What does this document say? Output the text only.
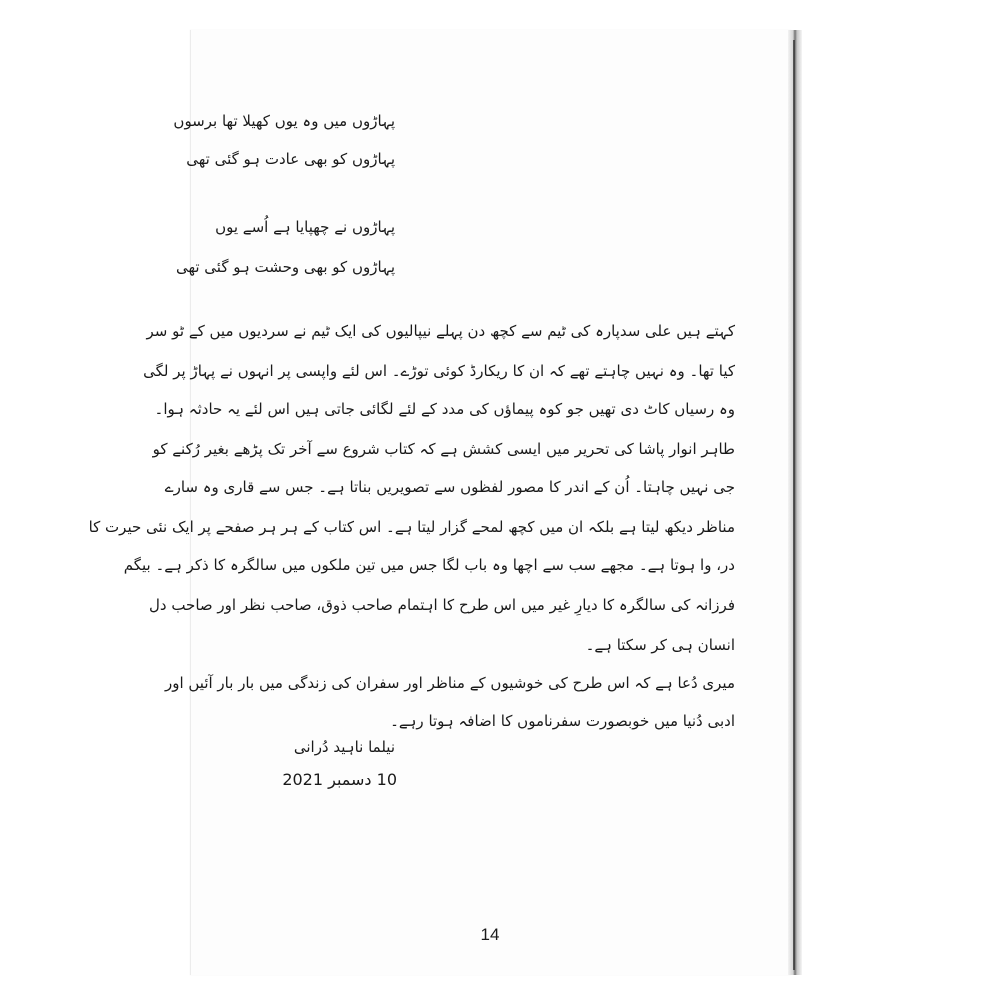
پہاڑوں میں وہ یوں کھیلا تھا برسوں
پہاڑوں کو بھی عادت ہو گئی تھی
پہاڑوں نے چھپایا ہے اُسے یوں
پہاڑوں کو بھی وحشت ہو گئی تھی
کہتے ہیں علی سدپارہ کی ٹیم سے کچھ دن پہلے نیپالیوں کی ایک ٹیم نے سردیوں میں کے ٹو سر
کیا تھا۔ وہ نہیں چاہتے تھے کہ ان کا ریکارڈ کوئی توڑے۔ اس لئے واپسی پر انہوں نے پہاڑ پر لگی
وہ رسیاں کاٹ دی تھیں جو کوہ پیماؤں کی مدد کے لئے لگائی جاتی ہیں اس لئے یہ حادثہ ہوا۔
طاہر انوار پاشا کی تحریر میں ایسی کشش ہے کہ کتاب شروع سے آخر تک پڑھے بغیر رُکنے کو
جی نہیں چاہتا۔ اُن کے اندر کا مصور لفظوں سے تصویریں بناتا ہے۔ جس سے قاری وہ سارے
مناظر دیکھ لیتا ہے بلکہ ان میں کچھ لمحے گزار لیتا ہے۔ اس کتاب کے ہر ہر صفحے پر ایک نئی حیرت کا
در، وا ہوتا ہے۔ مجھے سب سے اچھا وہ باب لگا جس میں تین ملکوں میں سالگرہ کا ذکر ہے۔ بیگم
فرزانہ کی سالگرہ کا دیارِ غیر میں اس طرح کا اہتمام صاحب ذوق، صاحب نظر اور صاحب دل
انسان ہی کر سکتا ہے۔
میری دُعا ہے کہ اس طرح کی خوشیوں کے مناظر اور سفران کی زندگی میں بار بار آئیں اور
ادبی دُنیا میں خوبصورت سفرناموں کا اضافہ ہوتا رہے۔
نیلما ناہید دُرانی
10 دسمبر 2021
14
